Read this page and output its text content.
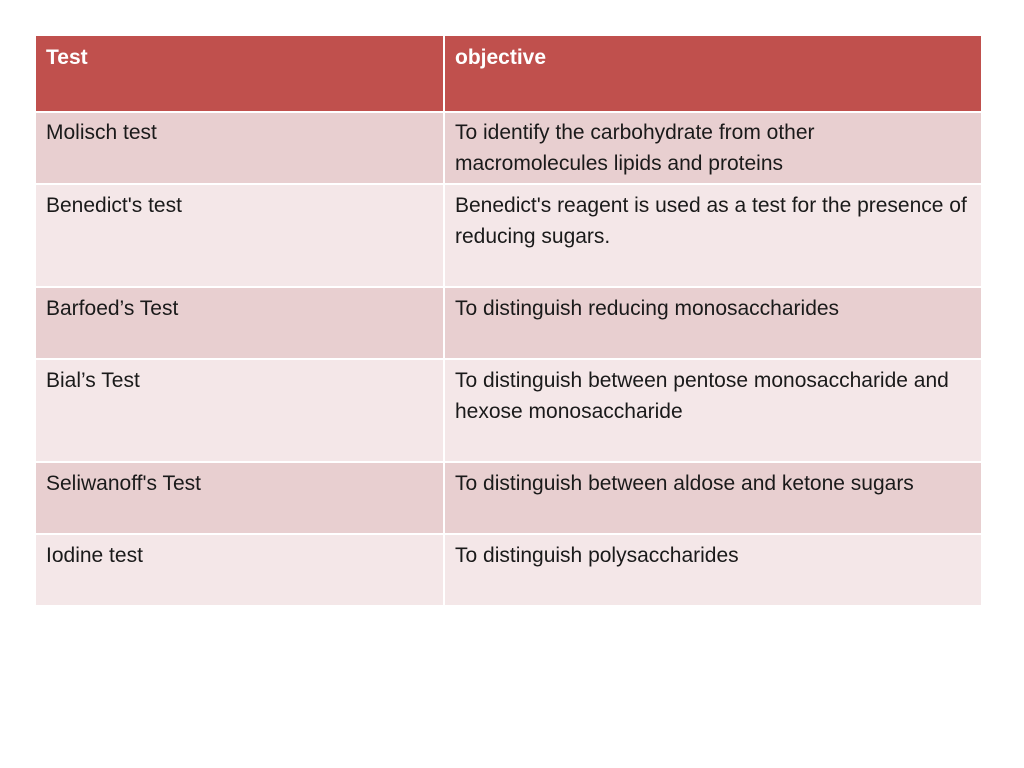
Test	objective
Molisch test	To identify the carbohydrate from other macromolecules lipids and proteins
Benedict's test	Benedict's reagent is used as a test for the presence of reducing sugars.
Barfoed’s Test	To distinguish reducing monosaccharides
Bial’s Test	To distinguish between pentose monosaccharide and hexose monosaccharide
Seliwanoff's Test	To distinguish between aldose and ketone sugars
Iodine test	To distinguish polysaccharides
